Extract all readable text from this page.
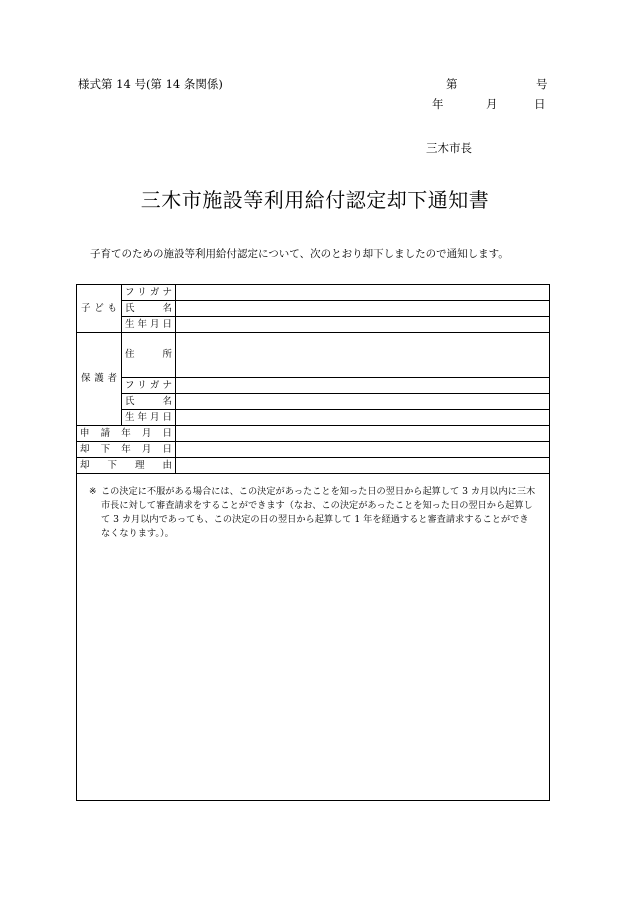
様式第 14 号(第 14 条関係)	第	号
年	月	日
三木市長
三木市施設等利用給付認定却下通知書
子育てのための施設等利用給付認定について、次のとおり却下しましたので通知します。
子ども	フリガナ	
	氏名	
	生年月日	
保護者	住所	
	フリガナ	
	氏名	
	生年月日	
申請年月日		
却下年月日		
却下理由		
※ この決定に不服がある場合には、この決定があったことを知った日の翌日から起算して 3 カ月以内に三木市長に対して審査請求をすることができます（なお、この決定があったことを知った日の翌日から起算して 3 カ月以内であっても、この決定の日の翌日から起算して 1 年を経過すると審査請求することができなくなります。）。
